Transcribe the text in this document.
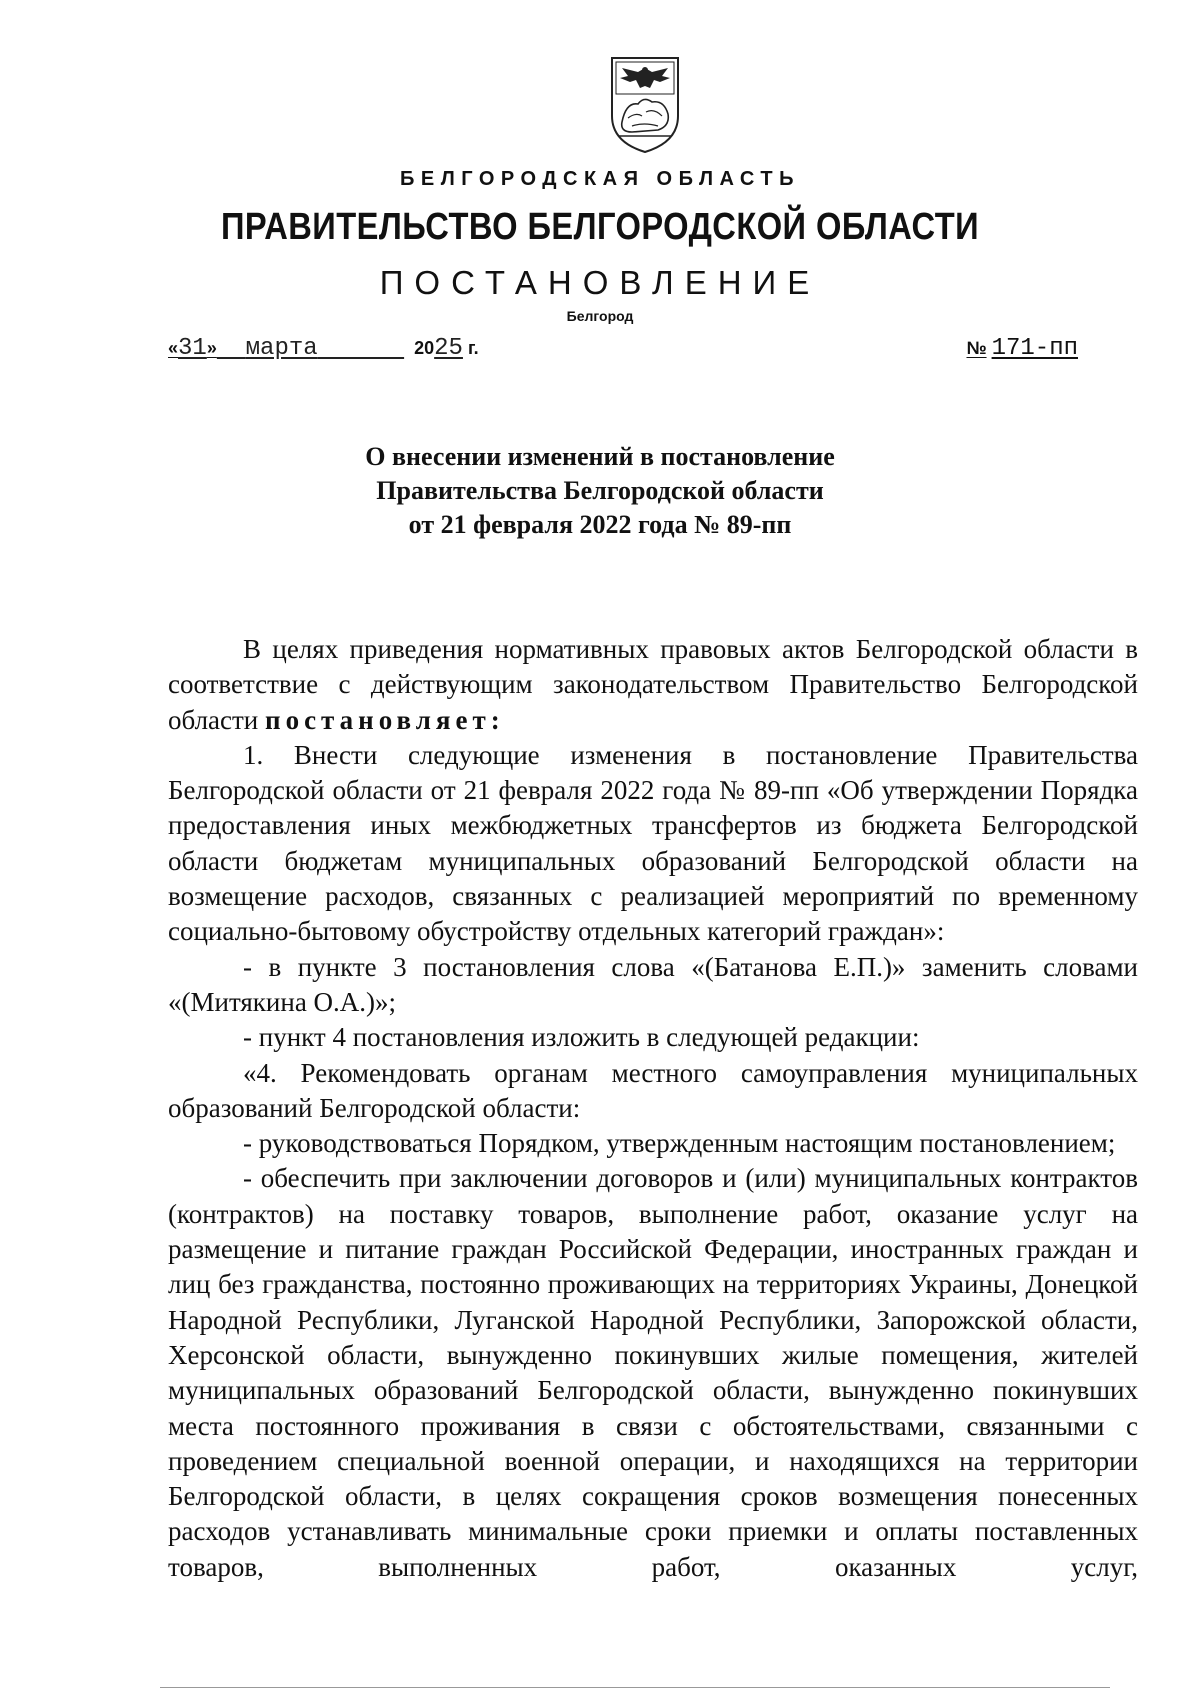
БЕЛГОРОДСКАЯ ОБЛАСТЬ
ПРАВИТЕЛЬСТВО БЕЛГОРОДСКОЙ ОБЛАСТИ
ПОСТАНОВЛЕНИЕ
Белгород
«31» марта	2025 г.	№ 171-пп
О внесении изменений в постановление
Правительства Белгородской области
от 21 февраля 2022 года № 89-пп

В целях приведения нормативных правовых актов Белгородской области в соответствие с действующим законодательством Правительство Белгородской области постановляет:

1. Внести следующие изменения в постановление Правительства Белгородской области от 21 февраля 2022 года № 89-пп «Об утверждении Порядка предоставления иных межбюджетных трансфертов из бюджета Белгородской области бюджетам муниципальных образований Белгородской области на возмещение расходов, связанных с реализацией мероприятий по временному социально-бытовому обустройству отдельных категорий граждан»:

- в пункте 3 постановления слова «(Батанова Е.П.)» заменить словами «(Митякина О.А.)»;

- пункт 4 постановления изложить в следующей редакции:

«4. Рекомендовать органам местного самоуправления муниципальных образований Белгородской области:

- руководствоваться Порядком, утвержденным настоящим постановлением;

- обеспечить при заключении договоров и (или) муниципальных контрактов (контрактов) на поставку товаров, выполнение работ, оказание услуг на размещение и питание граждан Российской Федерации, иностранных граждан и лиц без гражданства, постоянно проживающих на территориях Украины, Донецкой Народной Республики, Луганской Народной Республики, Запорожской области, Херсонской области, вынужденно покинувших жилые помещения, жителей муниципальных образований Белгородской области, вынужденно покинувших места постоянного проживания в связи с обстоятельствами, связанными с проведением специальной военной операции, и находящихся на территории Белгородской области, в целях сокращения сроков возмещения понесенных расходов устанавливать минимальные сроки приемки и оплаты поставленных товаров, выполненных работ, оказанных услуг,
